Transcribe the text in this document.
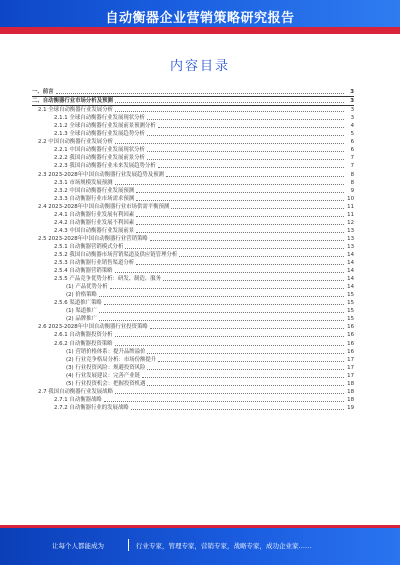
自动衡器企业营销策略研究报告
内容目录
一、前言	3
二、自动衡器行业市场分析及预测	3
2.1 全球自动衡器行业发展分析	3
2.1.1 全球自动衡器行业发展现状分析	3
2.1.2 全球自动衡器行业发展前景预测分析	4
2.1.3 全球自动衡器行业发展趋势分析	5
2.2 中国自动衡器行业发展分析	6
2.2.1 中国自动衡器行业发展现状分析	6
2.2.2 我国自动衡器行业发展前景分析	7
2.2.3 我国自动衡器行业未来发展趋势分析	7
2.3 2023-2028年中国自动衡器行业发展趋势及预测	8
2.3.1 市场规模发展预测	8
2.3.2 中国自动衡器行业发展预测	9
2.3.3 自动衡器行业市场需求预测	10
2.4 2023-2028年中国自动衡器行业市场供需平衡预测	11
2.4.1 自动衡器行业发展有利因素	11
2.4.2 自动衡器行业发展不利因素	12
2.4.3 中国自动衡器行业发展前景	13
2.5 2023-2028年中国自动衡器行业营销策略	13
2.5.1 自动衡器营销模式分析	13
2.5.2 我国自动衡器市场营销渠道及供应链管理分析	14
2.5.3 自动衡器行业销售渠道分析	14
2.5.4 自动衡器营销策略	14
2.5.5 产品竞争优势分析：研发、制造、服务	14
(1) 产品优势分析	14
(2) 价格策略	15
2.5.6 渠道推广策略	15
(1) 渠道推广	15
(2) 品牌推广	15
2.6 2023-2028年中国自动衡器行业投资策略	16
2.6.1 自动衡器投资分析	16
2.6.2 自动衡器投资策略	16
(1) 营销价格体系：提升品牌溢价	16
(2) 行业竞争格局分析：市场份额提升	17
(3) 行业投资风险：规避投资风险	17
(4) 行业发展建议：完善产业链	17
(5) 行业投资机会：把握投资机遇	18
2.7 我国自动衡器行业发展战略	18
2.7.1 自动衡器战略	18
2.7.2 自动衡器行业的发展战略	19
让每个人都能成为	行业专家，管理专家，营销专家，战略专家，成功企业家……
